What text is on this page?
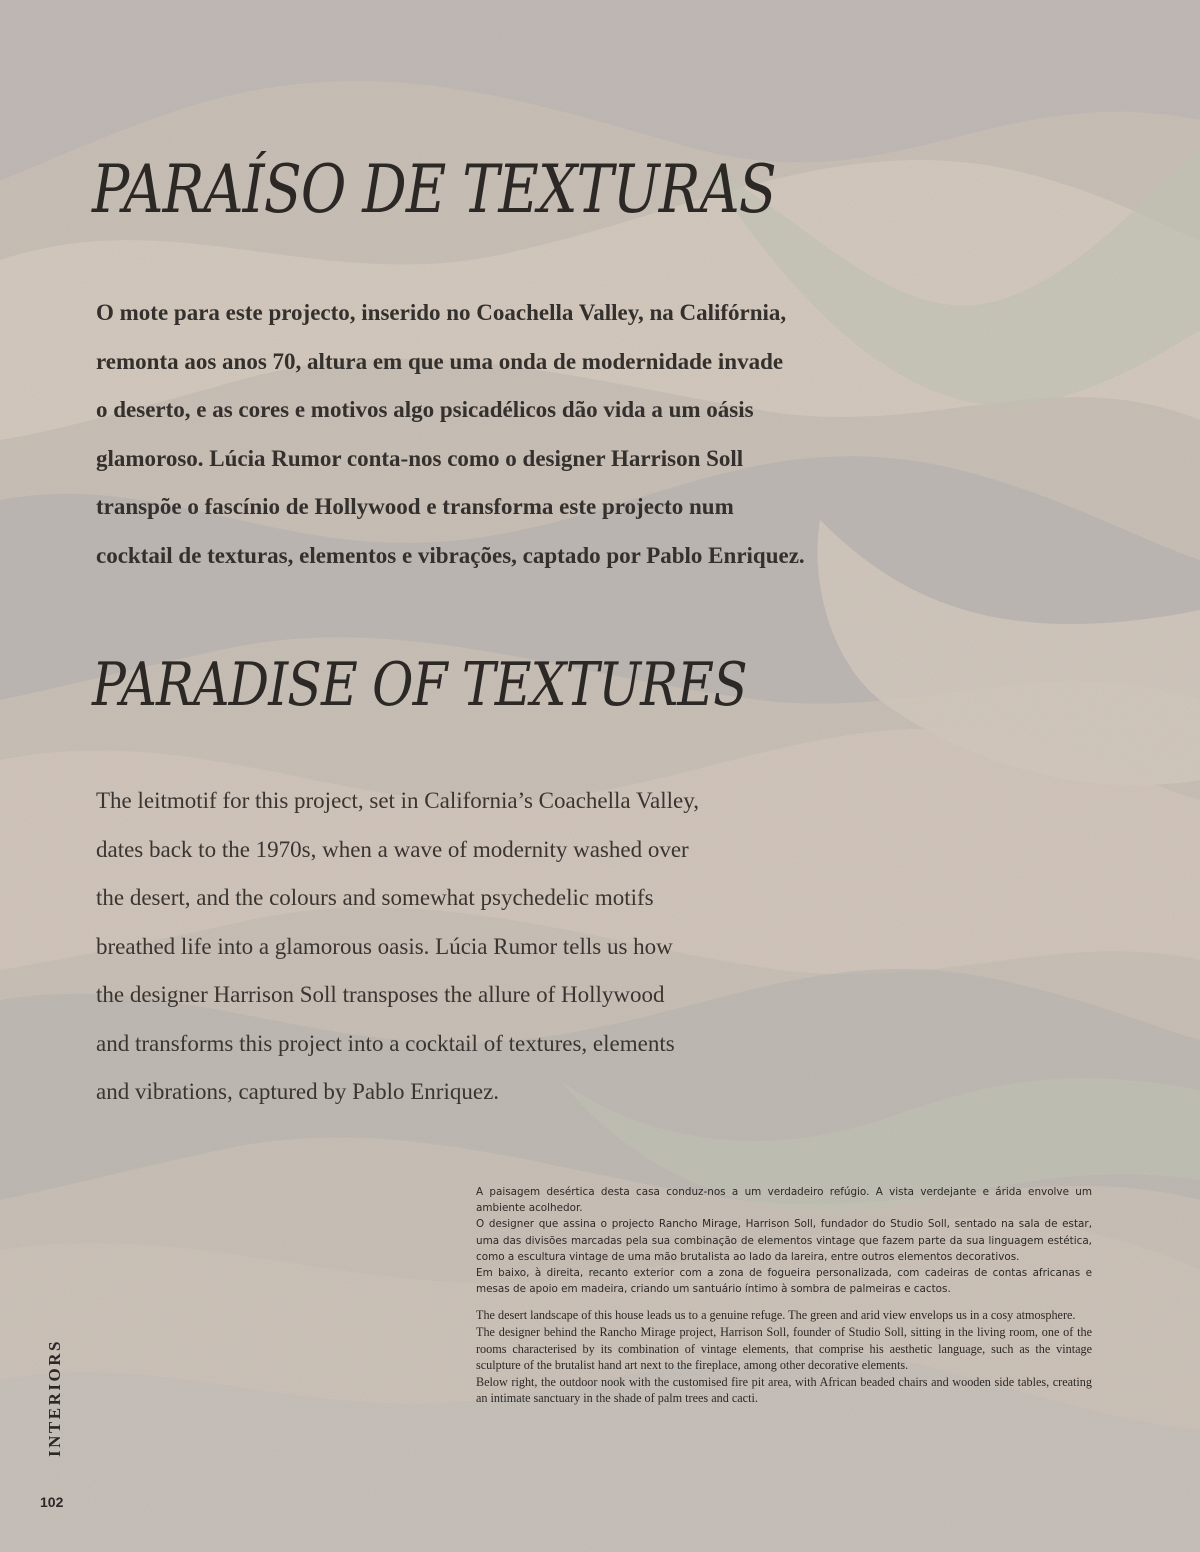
PARAÍSO DE TEXTURAS

O mote para este projecto, inserido no Coachella Valley, na Califórnia,
remonta aos anos 70, altura em que uma onda de modernidade invade
o deserto, e as cores e motivos algo psicadélicos dão vida a um oásis
glamoroso. Lúcia Rumor conta-nos como o designer Harrison Soll
transpõe o fascínio de Hollywood e transforma este projecto num
cocktail de texturas, elementos e vibrações, captado por Pablo Enriquez.

PARADISE OF TEXTURES

The leitmotif for this project, set in California’s Coachella Valley,
dates back to the 1970s, when a wave of modernity washed over
the desert, and the colours and somewhat psychedelic motifs
breathed life into a glamorous oasis. Lúcia Rumor tells us how
the designer Harrison Soll transposes the allure of Hollywood
and transforms this project into a cocktail of textures, elements
and vibrations, captured by Pablo Enriquez.

A paisagem desértica desta casa conduz-nos a um verdadeiro refúgio. A vista verdejante e árida envolve um ambiente acolhedor.
O designer que assina o projecto Rancho Mirage, Harrison Soll, fundador do Studio Soll, sentado na sala de estar, uma das divisões marcadas pela sua combinação de elementos vintage que fazem parte da sua linguagem estética, como a escultura vintage de uma mão brutalista ao lado da lareira, entre outros elementos decorativos.
Em baixo, à direita, recanto exterior com a zona de fogueira personalizada, com cadeiras de contas africanas e mesas de apoio em madeira, criando um santuário íntimo à sombra de palmeiras e cactos.

The desert landscape of this house leads us to a genuine refuge. The green and arid view envelops us in a cosy atmosphere.
The designer behind the Rancho Mirage project, Harrison Soll, founder of Studio Soll, sitting in the living room, one of the rooms characterised by its combination of vintage elements, that comprise his aesthetic language, such as the vintage sculpture of the brutalist hand art next to the fireplace, among other decorative elements.
Below right, the outdoor nook with the customised fire pit area, with African beaded chairs and wooden side tables, creating an intimate sanctuary in the shade of palm trees and cacti.

INTERIORS
102
